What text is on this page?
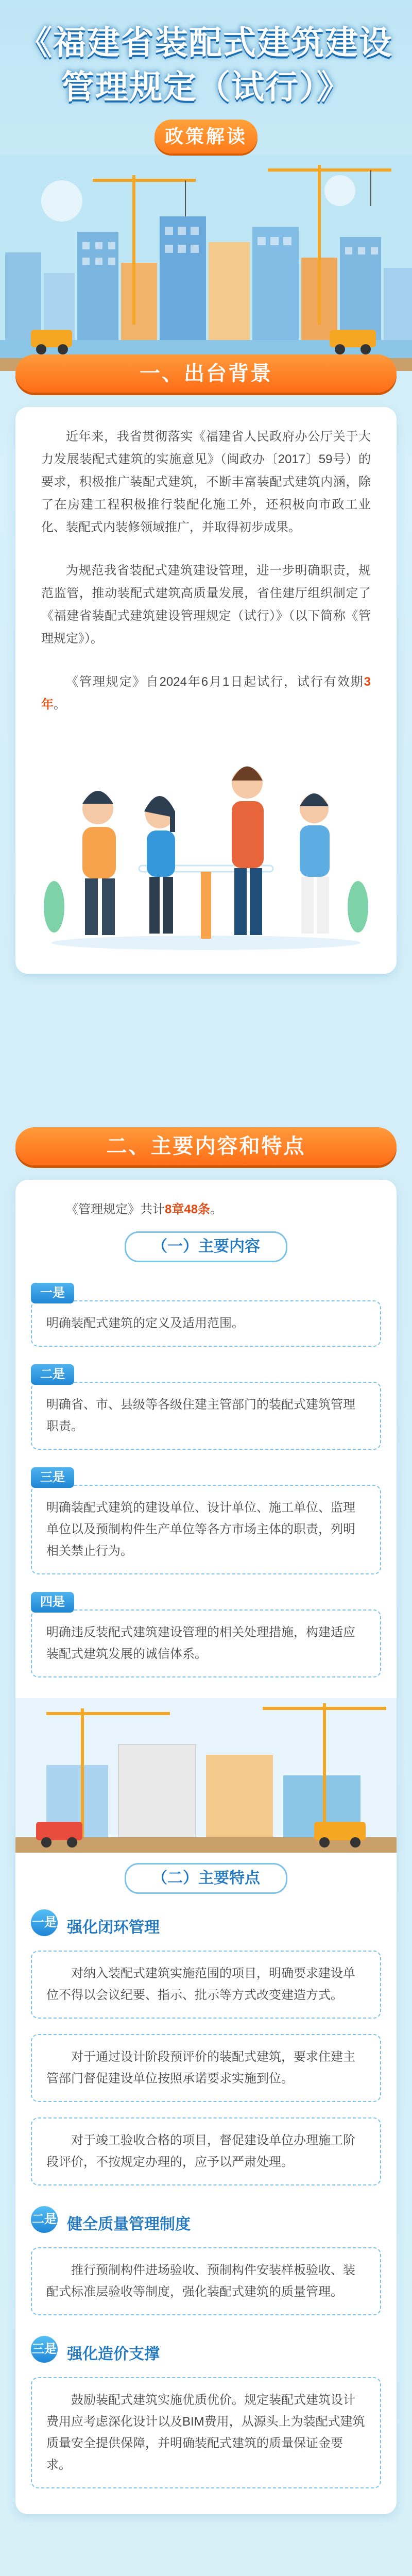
《福建省装配式建筑建设
管理规定（试行）》
政策解读
一、出台背景

近年来，我省贯彻落实《福建省人民政府办公厅关于大力发展装配式建筑的实施意见》（闽政办〔2017〕59号）的要求，积极推广装配式建筑，不断丰富装配式建筑内涵，除了在房建工程积极推行装配化施工外，还积极向市政工业化、装配式内装修领域推广，并取得初步成果。

为规范我省装配式建筑建设管理，进一步明确职责，规范监管，推动装配式建筑高质量发展，省住建厅组织制定了《福建省装配式建筑建设管理规定（试行）》（以下简称《管理规定》）。

《管理规定》自2024年6月1日起试行，试行有效期3年。

二、主要内容和特点

《管理规定》共计8章48条。

（一）主要内容
一是
明确装配式建筑的定义及适用范围。
二是
明确省、市、县级等各级住建主管部门的装配式建筑管理职责。
三是
明确装配式建筑的建设单位、设计单位、施工单位、监理单位以及预制构件生产单位等各方市场主体的职责，列明相关禁止行为。
四是
明确违反装配式建筑建设管理的相关处理措施，构建适应装配式建筑发展的诚信体系。
（二）主要特点
一是 强化闭环管理
对纳入装配式建筑实施范围的项目，明确要求建设单位不得以会议纪要、指示、批示等方式改变建造方式。
对于通过设计阶段预评价的装配式建筑，要求住建主管部门督促建设单位按照承诺要求实施到位。
对于竣工验收合格的项目，督促建设单位办理施工阶段评价，不按规定办理的，应予以严肃处理。
二是 健全质量管理制度
推行预制构件进场验收、预制构件安装样板验收、装配式标准层验收等制度，强化装配式建筑的质量管理。
三是 强化造价支撑
鼓励装配式建筑实施优质优价。规定装配式建筑设计费用应考虑深化设计以及BIM费用，从源头上为装配式建筑质量安全提供保障，并明确装配式建筑的质量保证金要求。
